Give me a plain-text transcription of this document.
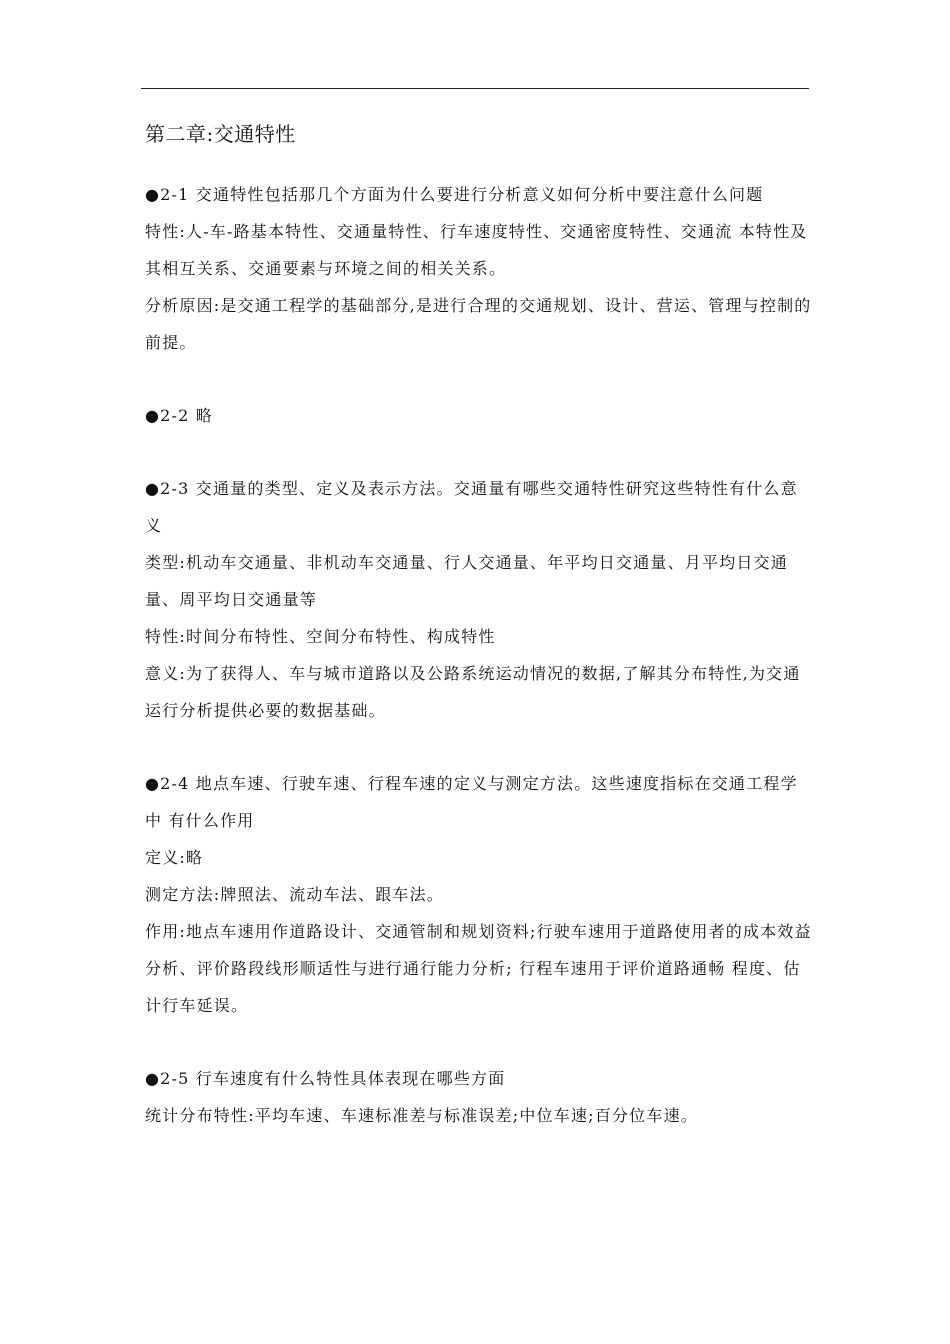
第二章:交通特性

●2-1 交通特性包括那几个方面为什么要进行分析意义如何分析中要注意什么问题

特性:人-车-路基本特性、交通量特性、行车速度特性、交通密度特性、交通流 本特性及其相互关系、交通要素与环境之间的相关关系。

分析原因:是交通工程学的基础部分,是进行合理的交通规划、设计、营运、管理与控制的前提。

●2-2 略

●2-3 交通量的类型、定义及表示方法。交通量有哪些交通特性研究这些特性有什么意义

类型:机动车交通量、非机动车交通量、行人交通量、年平均日交通量、月平均日交通量、周平均日交通量等

特性:时间分布特性、空间分布特性、构成特性

意义:为了获得人、车与城市道路以及公路系统运动情况的数据,了解其分布特性,为交通运行分析提供必要的数据基础。

●2-4 地点车速、行驶车速、行程车速的定义与测定方法。这些速度指标在交通工程学中 有什么作用

定义:略

测定方法:牌照法、流动车法、跟车法。

作用:地点车速用作道路设计、交通管制和规划资料;行驶车速用于道路使用者的成本效益分析、评价路段线形顺适性与进行通行能力分析; 行程车速用于评价道路通畅 程度、估计行车延误。

●2-5 行车速度有什么特性具体表现在哪些方面

统计分布特性:平均车速、车速标准差与标准误差;中位车速;百分位车速。
